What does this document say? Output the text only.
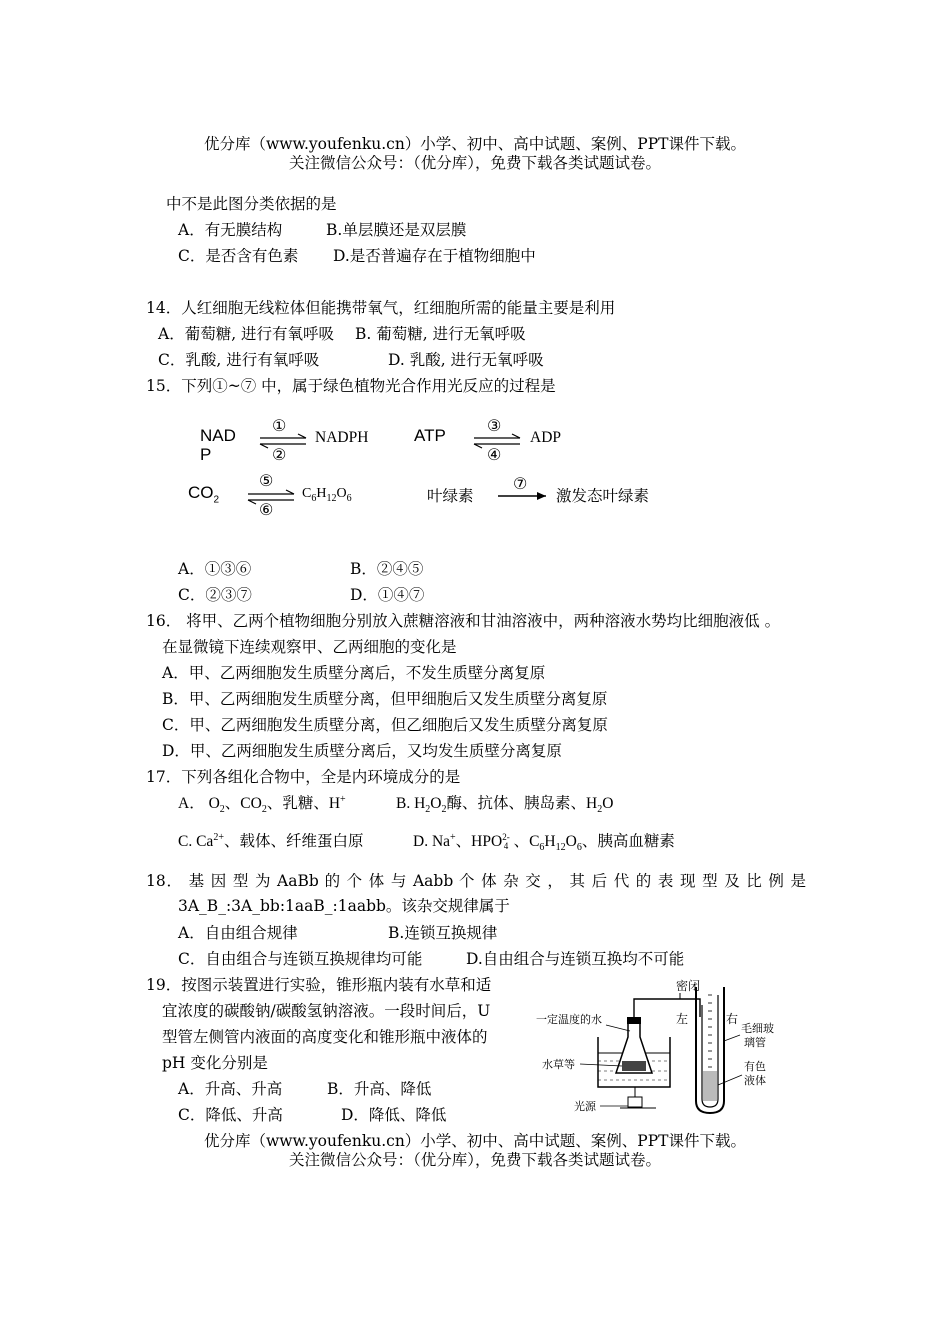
优分库（www.youfenku.cn）小学、初中、高中试题、案例、PPT课件下载。
关注微信公众号：（优分库），免费下载各类试题试卷。
中不是此图分类依据的是
A．有无膜结构	B.单层膜还是双层膜
C．是否含有色素 D.是否普遍存在于植物细胞中
14．人红细胞无线粒体但能携带氧气，红细胞所需的能量主要是利用
A．葡萄糖, 进行有氧呼吸 B. 葡萄糖, 进行无氧呼吸
C．乳酸, 进行有氧呼吸	D. 乳酸, 进行无氧呼吸
15．下列①~⑦ 中，属于绿色植物光合作用光反应的过程是
NAD
P
①
②
NADPH	ATP
③
④
ADP
$CO_2$
⑤
⑥
$C_6H_{12}O_6$	叶绿素
⑦
激发态叶绿素
A．①③⑥	B．②④⑤
C．②③⑦	D．①④⑦
16． 将甲、乙两个植物细胞分别放入蔗糖溶液和甘油溶液中，两种溶液水势均比细胞液低 。
在显微镜下连续观察甲、乙两细胞的变化是
A．甲、乙两细胞发生质壁分离后，不发生质壁分离复原
B．甲、乙两细胞发生质壁分离，但甲细胞后又发生质壁分离复原
C．甲、乙两细胞发生质壁分离，但乙细胞后又发生质壁分离复原
D．甲、乙两细胞发生质壁分离后，又均发生质壁分离复原
17．下列各组化合物中，全是内环境成分的是
A． $O_2$、$CO_2$、乳糖、H+	B. $H_2O_2$酶、抗体、胰岛素、$H_2O$
C. $Ca^{2+}$、载体、纤维蛋白原	D. Na+、HPO 2-
4 、$C_6H_{12}O_6$、胰高血糖素
18． 基 因 型 为 AaBb 的 个 体 与 Aabb 个 体 杂 交 ， 其 后 代 的 表 现 型 及 比 例 是
3A_B_:3A_bb:1aaB_:1aabb。该杂交规律属于
A．自由组合规律	B.连锁互换规律
C．自由组合与连锁互换规律均可能	D.自由组合与连锁互换均不可能
19．按图示装置进行实验，锥形瓶内装有水草和适
宜浓度的碳酸钠/碳酸氢钠溶液。一段时间后，U
型管左侧管内液面的高度变化和锥形瓶中液体的
pH 变化分别是
A．升高、升高	B．升高、降低
C．降低、升高	D．降低、降低
密闭
一定温度的水	左	右
毛细玻
璃管
水草等	有色
液体
光源
优分库（www.youfenku.cn）小学、初中、高中试题、案例、PPT课件下载。
关注微信公众号：（优分库），免费下载各类试题试卷。
